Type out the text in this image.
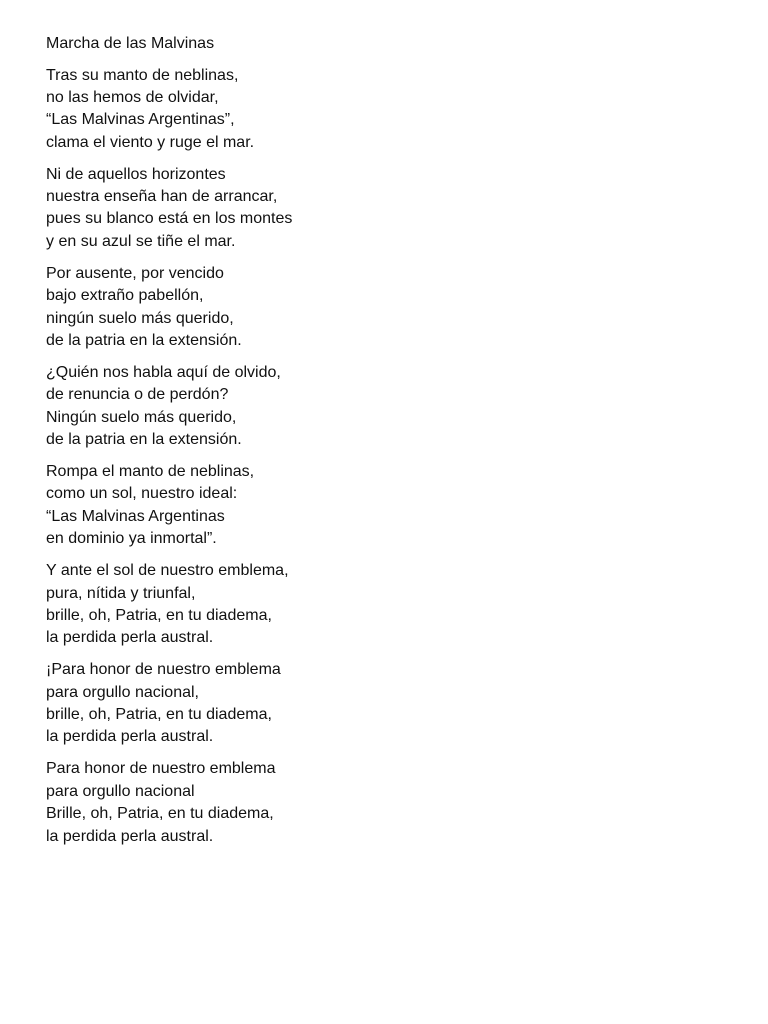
Marcha de las Malvinas
Tras su manto de neblinas,
no las hemos de olvidar,
“Las Malvinas Argentinas”,
clama el viento y ruge el mar.
Ni de aquellos horizontes
nuestra enseña han de arrancar,
pues su blanco está en los montes
y en su azul se tiñe el mar.
Por ausente, por vencido
bajo extraño pabellón,
ningún suelo más querido,
de la patria en la extensión.
¿Quién nos habla aquí de olvido,
de renuncia o de perdón?
Ningún suelo más querido,
de la patria en la extensión.
Rompa el manto de neblinas,
como un sol, nuestro ideal:
“Las Malvinas Argentinas
en dominio ya inmortal”.
Y ante el sol de nuestro emblema,
pura, nítida y triunfal,
brille, oh, Patria, en tu diadema,
la perdida perla austral.
¡Para honor de nuestro emblema
para orgullo nacional,
brille, oh, Patria, en tu diadema,
la perdida perla austral.
Para honor de nuestro emblema
para orgullo nacional
Brille, oh, Patria, en tu diadema,
la perdida perla austral.
